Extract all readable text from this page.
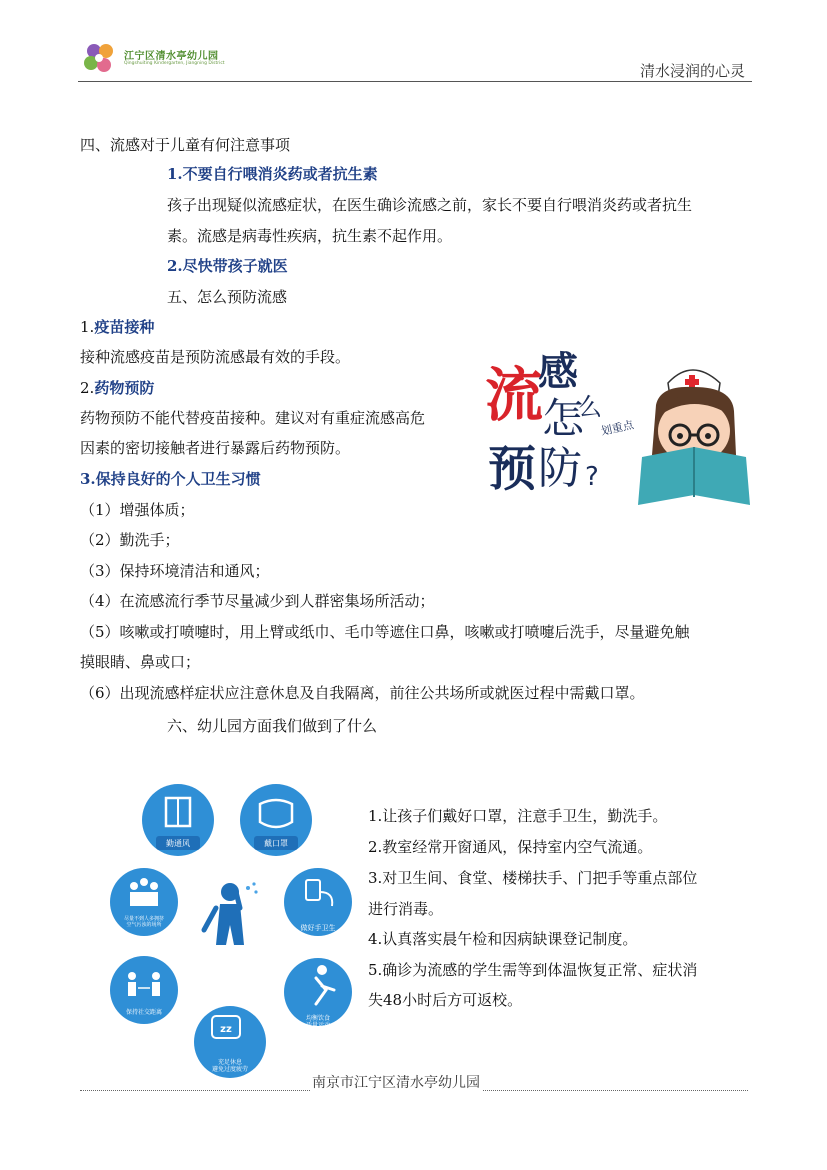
江宁区清水亭幼儿园
Qingshuiting Kindergarten, Jiangning District	清水浸润的心灵
四、流感对于儿童有何注意事项
1.不要自行喂消炎药或者抗生素
孩子出现疑似流感症状，在医生确诊流感之前，家长不要自行喂消炎药或者抗生
素。流感是病毒性疾病，抗生素不起作用。
2.尽快带孩子就医
五、怎么预防流感
1.疫苗接种
接种流感疫苗是预防流感最有效的手段。
2.药物预防
药物预防不能代替疫苗接种。建议对有重症流感高危
因素的密切接触者进行暴露后药物预防。
3.保持良好的个人卫生习惯
（1）增强体质；
（2）勤洗手；
（3）保持环境清洁和通风；
（4）在流感流行季节尽量减少到人群密集场所活动；
（5）咳嗽或打喷嚏时，用上臂或纸巾、毛巾等遮住口鼻，咳嗽或打喷嚏后洗手，尽量避免触
摸眼睛、鼻或口；
（6）出现流感样症状应注意休息及自我隔离，前往公共场所或就医过程中需戴口罩。
流
感
怎
么
预 防 ?
划重点
六、幼儿园方面我们做到了什么
1.让孩子们戴好口罩，注意手卫生，勤洗手。
2.教室经常开窗通风，保持室内空气流通。
3.对卫生间、食堂、楼梯扶手、门把手等重点部位
进行消毒。
4.认真落实晨午检和因病缺课登记制度。
5.确诊为流感的学生需等到体温恢复正常、症状消
失48小时后方可返校。
勤通风	戴口罩
做好手卫生
均衡饮食适量运动
zz
充足休息避免过度疲劳
保持社交距离
尽量不到人多拥挤空气污浊的场所
南京市江宁区清水亭幼儿园
